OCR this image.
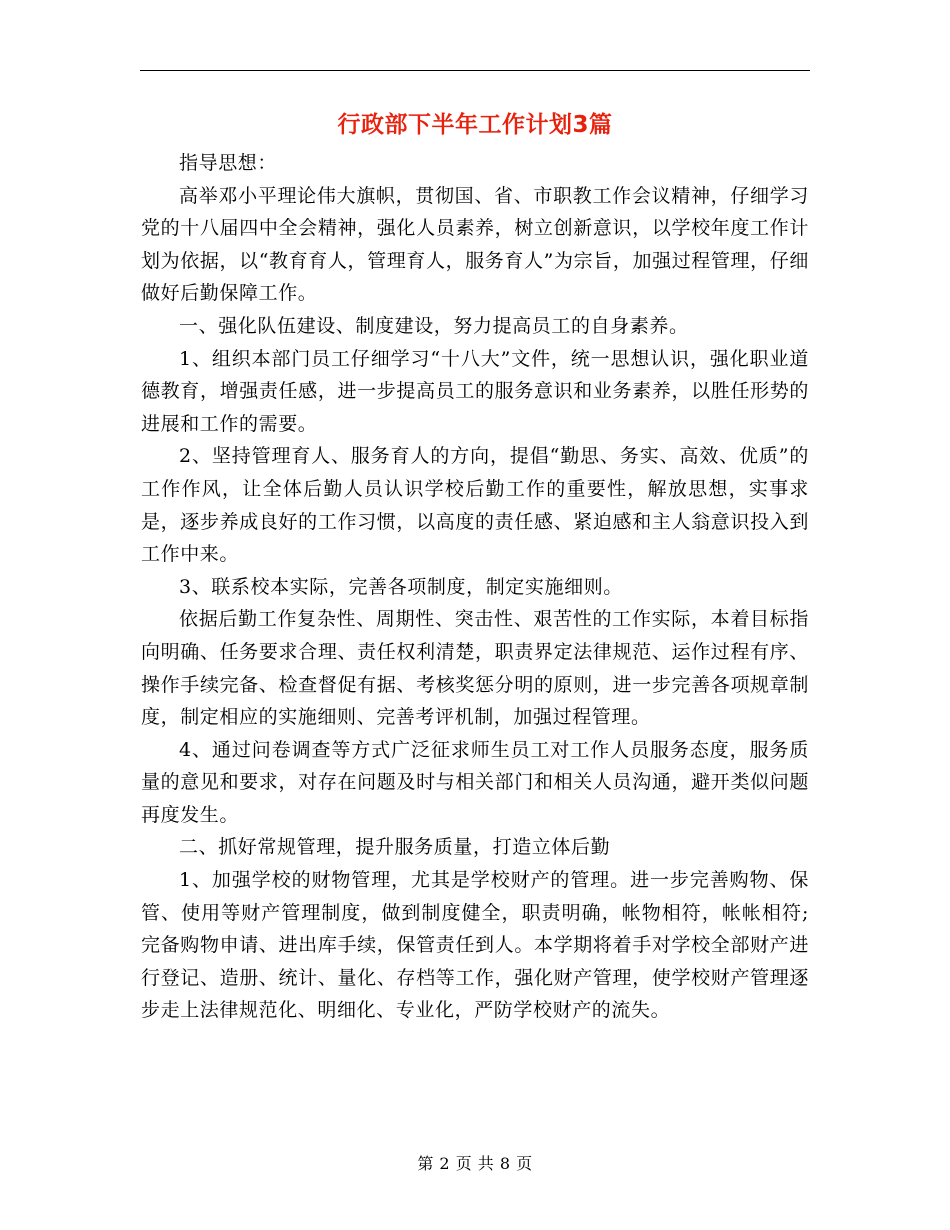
行政部下半年工作计划3篇

指导思想：

高举邓小平理论伟大旗帜，贯彻国、省、市职教工作会议精神，仔细学习党的十八届四中全会精神，强化人员素养，树立创新意识，以学校年度工作计划为依据，以“教育育人，管理育人，服务育人”为宗旨，加强过程管理，仔细做好后勤保障工作。

一、强化队伍建设、制度建设，努力提高员工的自身素养。

1、组织本部门员工仔细学习“十八大”文件，统一思想认识，强化职业道德教育，增强责任感，进一步提高员工的服务意识和业务素养，以胜任形势的进展和工作的需要。

2、坚持管理育人、服务育人的方向，提倡“勤思、务实、高效、优质”的工作作风，让全体后勤人员认识学校后勤工作的重要性，解放思想，实事求是，逐步养成良好的工作习惯，以高度的责任感、紧迫感和主人翁意识投入到工作中来。

3、联系校本实际，完善各项制度，制定实施细则。

依据后勤工作复杂性、周期性、突击性、艰苦性的工作实际，本着目标指向明确、任务要求合理、责任权利清楚，职责界定法律规范、运作过程有序、操作手续完备、检查督促有据、考核奖惩分明的原则，进一步完善各项规章制度，制定相应的实施细则、完善考评机制，加强过程管理。

4、通过问卷调查等方式广泛征求师生员工对工作人员服务态度，服务质量的意见和要求，对存在问题及时与相关部门和相关人员沟通，避开类似问题再度发生。

二、抓好常规管理，提升服务质量，打造立体后勤

1、加强学校的财物管理，尤其是学校财产的管理。进一步完善购物、保管、使用等财产管理制度，做到制度健全，职责明确，帐物相符，帐帐相符;完备购物申请、进出库手续，保管责任到人。本学期将着手对学校全部财产进行登记、造册、统计、量化、存档等工作，强化财产管理，使学校财产管理逐步走上法律规范化、明细化、专业化，严防学校财产的流失。

第 2 页 共 8 页
